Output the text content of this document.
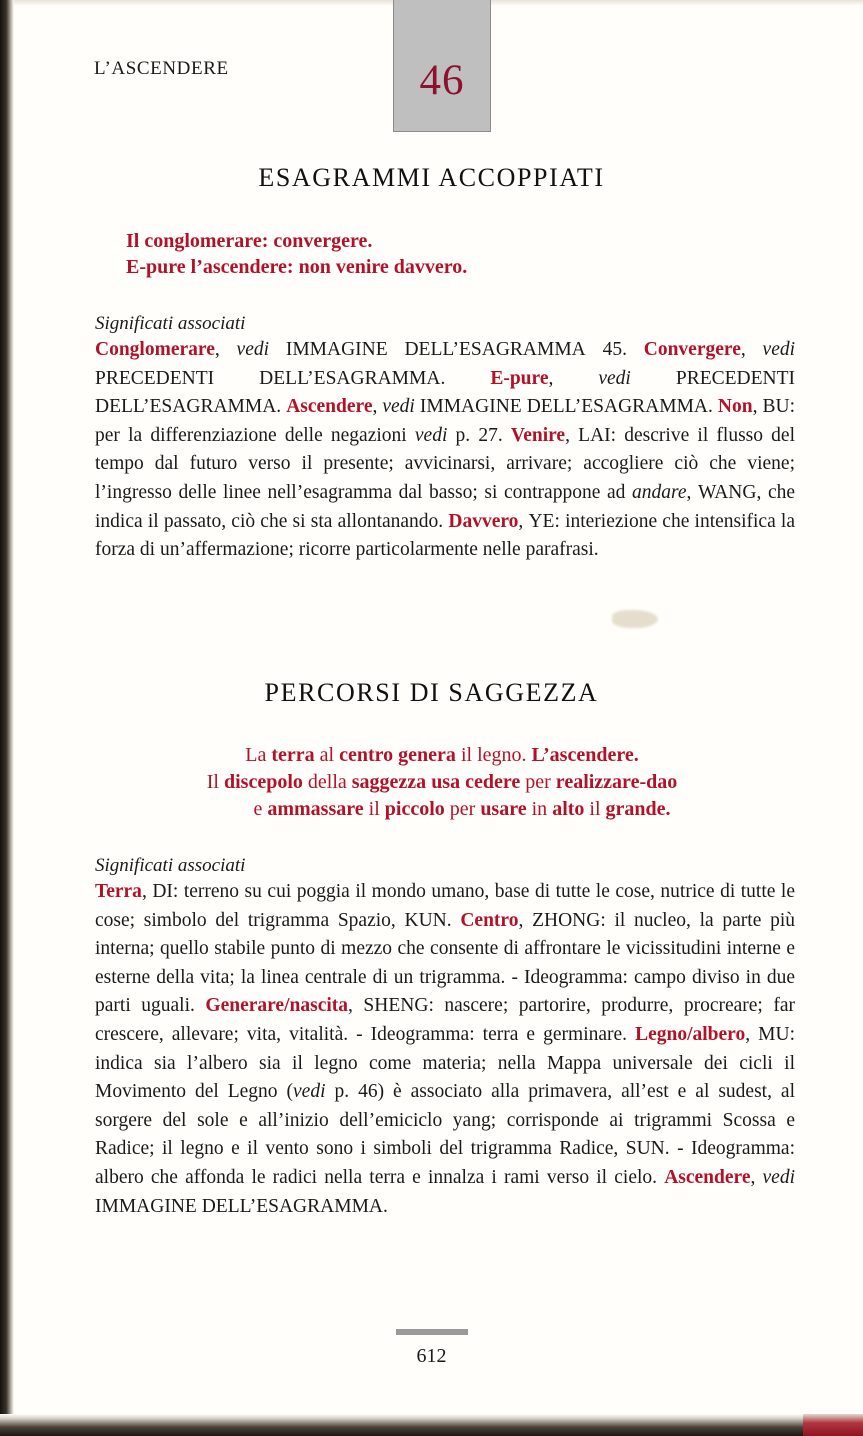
46
L’ASCENDERE
ESAGRAMMI ACCOPPIATI
Il conglomerare: convergere.
E-pure l’ascendere: non venire davvero.
Significati associati
Conglomerare, vedi IMMAGINE DELL’ESAGRAMMA 45. Convergere, vedi PRECEDENTI DELL’ESAGRAMMA. E-pure, vedi PRECEDENTI DELL’ESAGRAMMA. Ascendere, vedi IMMAGINE DELL’ESAGRAMMA. Non, BU: per la differenziazione delle negazioni vedi p. 27. Venire, LAI: descrive il flusso del tempo dal futuro verso il presente; avvicinarsi, arrivare; accogliere ciò che viene; l’ingresso delle linee nell’esagramma dal basso; si contrappone ad andare, WANG, che indica il passato, ciò che si sta allontanando. Davvero, YE: interiezione che intensifica la forza di un’affermazione; ricorre particolarmente nelle parafrasi.
PERCORSI DI SAGGEZZA
La terra al centro genera il legno. L’ascendere.
Il discepolo della saggezza usa cedere per realizzare-dao
e ammassare il piccolo per usare in alto il grande.
Significati associati
Terra, DI: terreno su cui poggia il mondo umano, base di tutte le cose, nutrice di tutte le cose; simbolo del trigramma Spazio, KUN. Centro, ZHONG: il nucleo, la parte più interna; quello stabile punto di mezzo che consente di affrontare le vicissitudini interne e esterne della vita; la linea centrale di un trigramma. - Ideogramma: campo diviso in due parti uguali. Generare/nascita, SHENG: nascere; partorire, produrre, procreare; far crescere, allevare; vita, vitalità. - Ideogramma: terra e germinare. Legno/albero, MU: indica sia l’albero sia il legno come materia; nella Mappa universale dei cicli il Movimento del Legno (vedi p. 46) è associato alla primavera, all’est e al sudest, al sorgere del sole e all’inizio dell’emiciclo yang; corrisponde ai trigrammi Scossa e Radice; il legno e il vento sono i simboli del trigramma Radice, SUN. - Ideogramma: albero che affonda le radici nella terra e innalza i rami verso il cielo. Ascendere, vedi IMMAGINE DELL’ESAGRAMMA.
612
